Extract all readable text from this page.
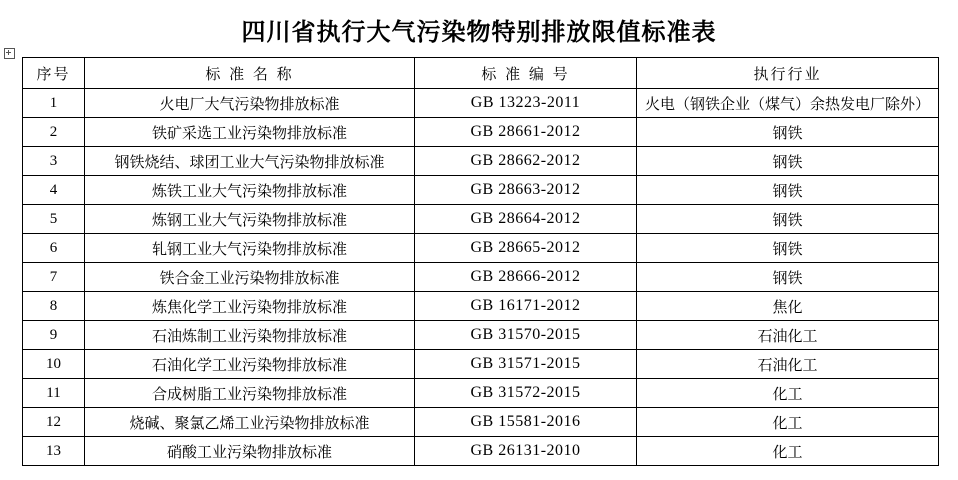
四川省执行大气污染物特别排放限值标准表
序号	标 准 名 称	标 准 编 号	执行行业
1	火电厂大气污染物排放标准	GB 13223-2011	火电（钢铁企业（煤气）余热发电厂除外）
2	铁矿采选工业污染物排放标准	GB 28661-2012	钢铁
3	钢铁烧结、球团工业大气污染物排放标准	GB 28662-2012	钢铁
4	炼铁工业大气污染物排放标准	GB 28663-2012	钢铁
5	炼钢工业大气污染物排放标准	GB 28664-2012	钢铁
6	轧钢工业大气污染物排放标准	GB 28665-2012	钢铁
7	铁合金工业污染物排放标准	GB 28666-2012	钢铁
8	炼焦化学工业污染物排放标准	GB 16171-2012	焦化
9	石油炼制工业污染物排放标准	GB 31570-2015	石油化工
10	石油化学工业污染物排放标准	GB 31571-2015	石油化工
11	合成树脂工业污染物排放标准	GB 31572-2015	化工
12	烧碱、聚氯乙烯工业污染物排放标准	GB 15581-2016	化工
13	硝酸工业污染物排放标准	GB 26131-2010	化工
